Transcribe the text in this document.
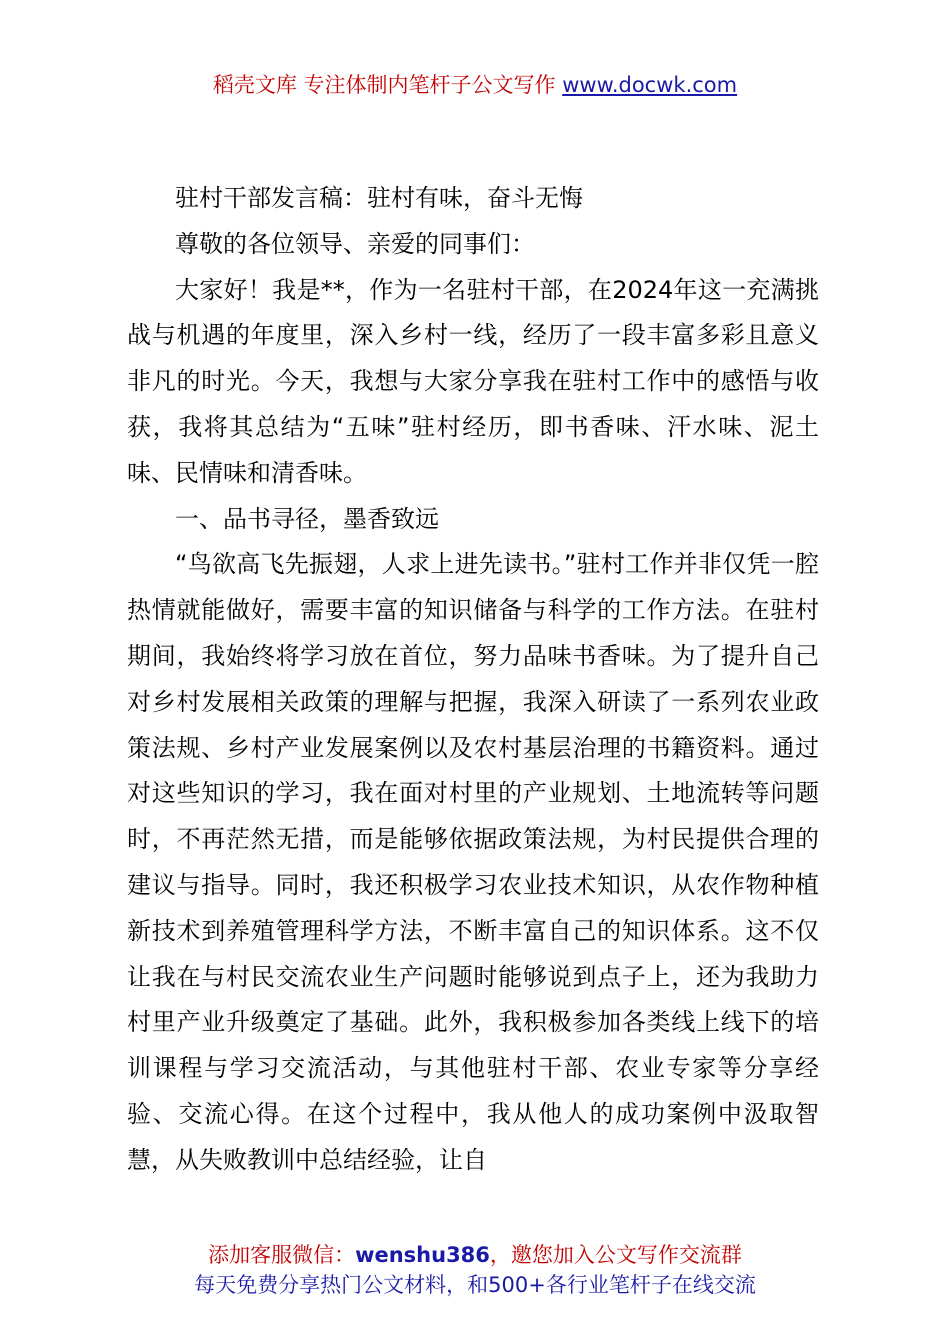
稻壳文库 专注体制内笔杆子公文写作 www.docwk.com

驻村干部发言稿：驻村有味，奋斗无悔

尊敬的各位领导、亲爱的同事们：

大家好！我是**，作为一名驻村干部，在2024年这一充满挑战与机遇的年度里，深入乡村一线，经历了一段丰富多彩且意义非凡的时光。今天，我想与大家分享我在驻村工作中的感悟与收获，我将其总结为“五味”驻村经历，即书香味、汗水味、泥土味、民情味和清香味。

一、品书寻径，墨香致远

“鸟欲高飞先振翅，人求上进先读书。”驻村工作并非仅凭一腔热情就能做好，需要丰富的知识储备与科学的工作方法。在驻村期间，我始终将学习放在首位，努力品味书香味。为了提升自己对乡村发展相关政策的理解与把握，我深入研读了一系列农业政策法规、乡村产业发展案例以及农村基层治理的书籍资料。通过对这些知识的学习，我在面对村里的产业规划、土地流转等问题时，不再茫然无措，而是能够依据政策法规，为村民提供合理的建议与指导。同时，我还积极学习农业技术知识，从农作物种植新技术到养殖管理科学方法，不断丰富自己的知识体系。这不仅让我在与村民交流农业生产问题时能够说到点子上，还为我助力村里产业升级奠定了基础。此外，我积极参加各类线上线下的培训课程与学习交流活动，与其他驻村干部、农业专家等分享经验、交流心得。在这个过程中，我从他人的成功案例中汲取智慧，从失败教训中总结经验，让自

添加客服微信：wenshu386，邀您加入公文写作交流群
每天免费分享热门公文材料，和500+各行业笔杆子在线交流
